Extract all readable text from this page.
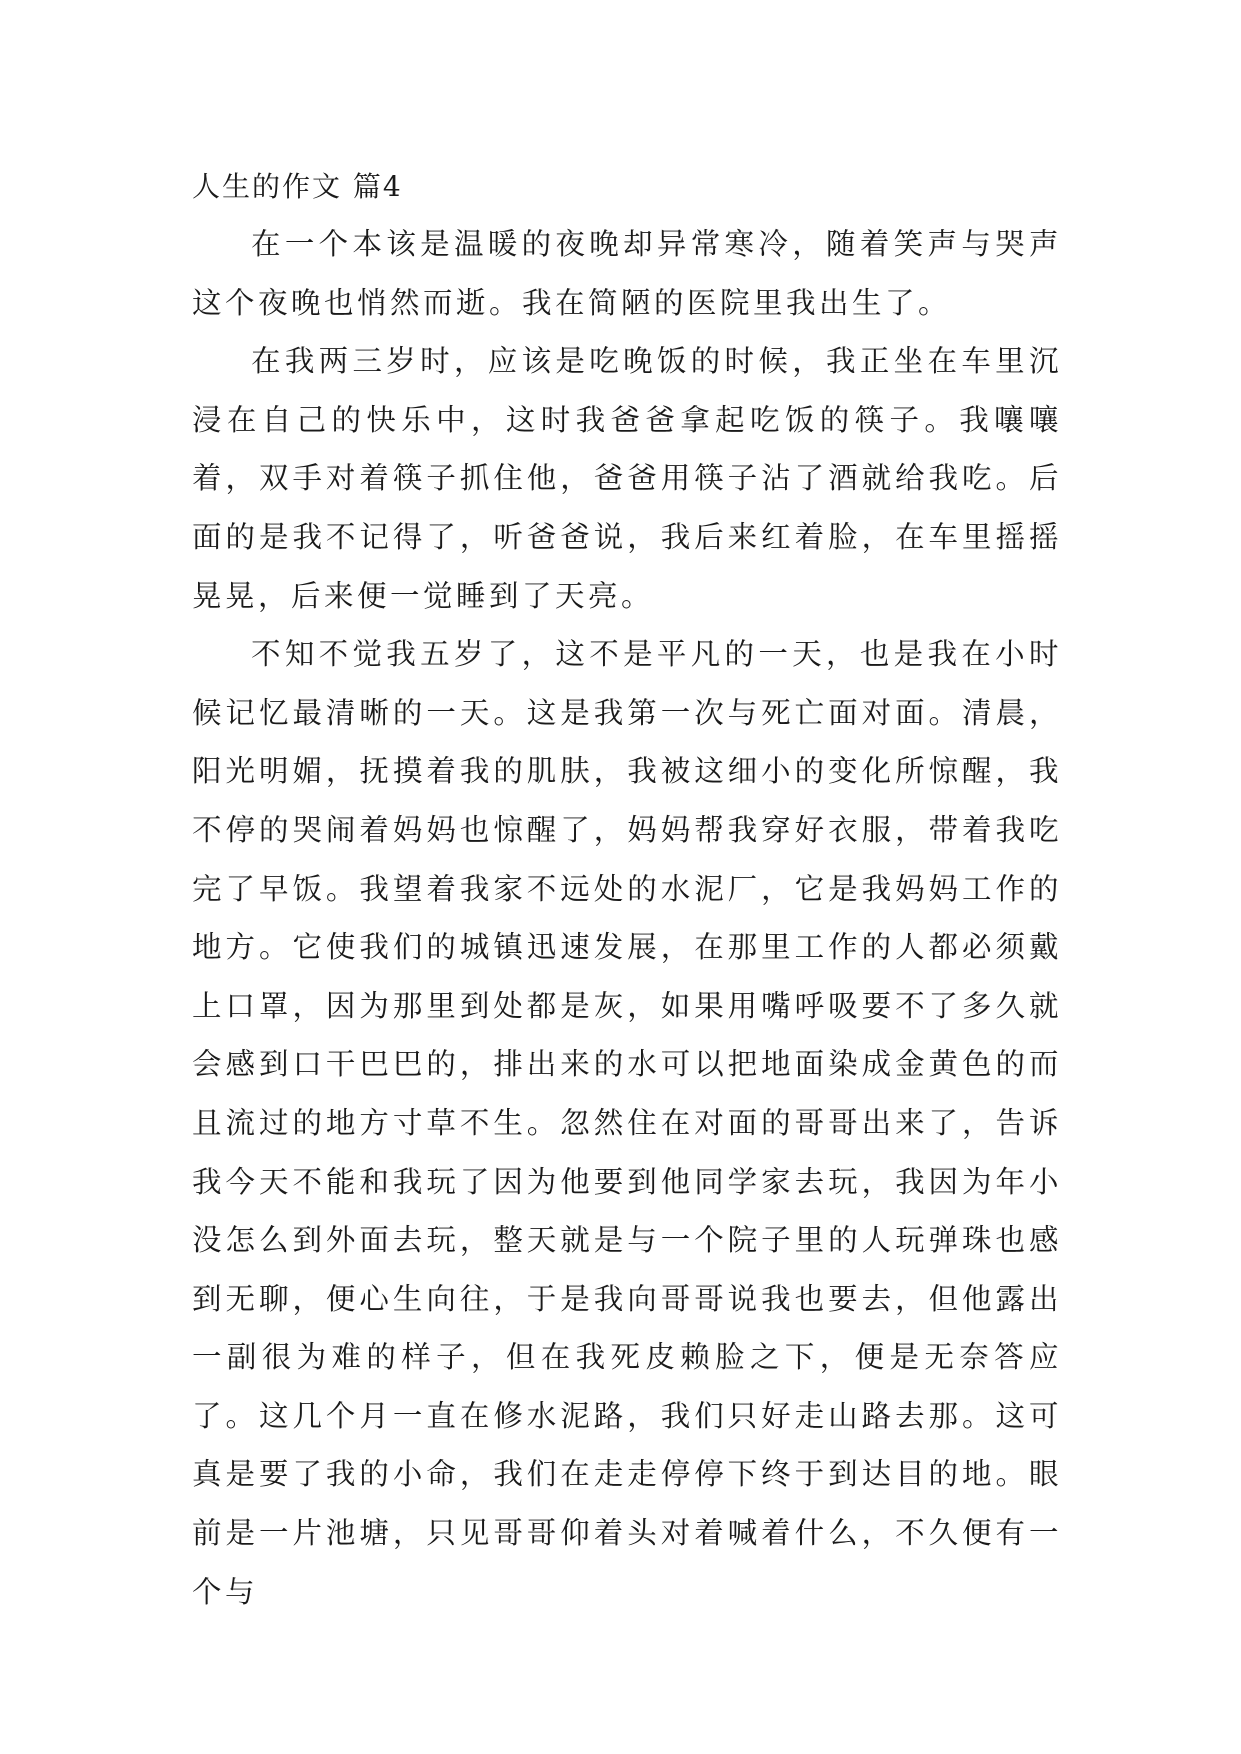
人生的作文 篇4

在一个本该是温暖的夜晚却异常寒冷，随着笑声与哭声这个夜晚也悄然而逝。我在简陋的医院里我出生了。

在我两三岁时，应该是吃晚饭的时候，我正坐在车里沉浸在自己的快乐中，这时我爸爸拿起吃饭的筷子。我嚷嚷着，双手对着筷子抓住他，爸爸用筷子沾了酒就给我吃。后面的是我不记得了，听爸爸说，我后来红着脸，在车里摇摇晃晃，后来便一觉睡到了天亮。

不知不觉我五岁了，这不是平凡的一天，也是我在小时候记忆最清晰的一天。这是我第一次与死亡面对面。清晨，阳光明媚，抚摸着我的肌肤，我被这细小的变化所惊醒，我不停的哭闹着妈妈也惊醒了，妈妈帮我穿好衣服，带着我吃完了早饭。我望着我家不远处的水泥厂，它是我妈妈工作的地方。它使我们的城镇迅速发展，在那里工作的人都必须戴上口罩，因为那里到处都是灰，如果用嘴呼吸要不了多久就会感到口干巴巴的，排出来的水可以把地面染成金黄色的而且流过的地方寸草不生。忽然住在对面的哥哥出来了，告诉我今天不能和我玩了因为他要到他同学家去玩，我因为年小没怎么到外面去玩，整天就是与一个院子里的人玩弹珠也感到无聊，便心生向往，于是我向哥哥说我也要去，但他露出一副很为难的样子，但在我死皮赖脸之下，便是无奈答应了。这几个月一直在修水泥路，我们只好走山路去那。这可真是要了我的小命，我们在走走停停下终于到达目的地。眼前是一片池塘，只见哥哥仰着头对着喊着什么，不久便有一个与
